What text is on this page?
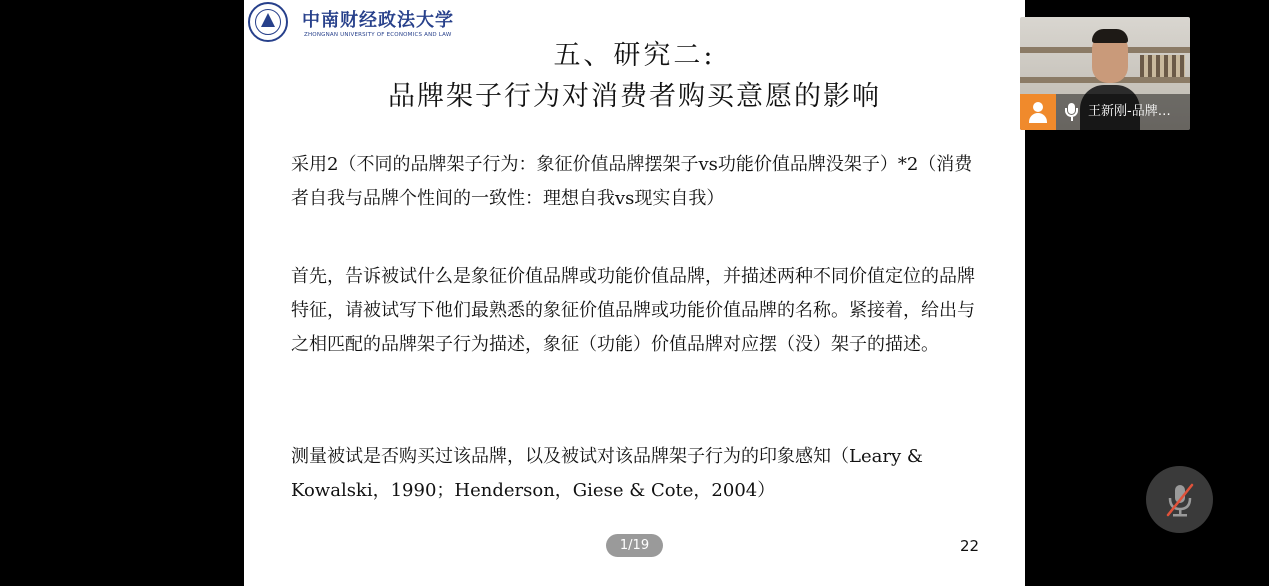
中南财经政法大学
ZHONGNAN UNIVERSITY OF ECONOMICS AND LAW
五、研究二:
品牌架子行为对消费者购买意愿的影响

采用2（不同的品牌架子行为：象征价值品牌摆架子vs功能价值品牌没架子）*2（消费者自我与品牌个性间的一致性：理想自我vs现实自我）

首先，告诉被试什么是象征价值品牌或功能价值品牌，并描述两种不同价值定位的品牌特征，请被试写下他们最熟悉的象征价值品牌或功能价值品牌的名称。紧接着，给出与之相匹配的品牌架子行为描述，象征（功能）价值品牌对应摆（没）架子的描述。

测量被试是否购买过该品牌，以及被试对该品牌架子行为的印象感知（Leary & Kowalski，1990；Henderson，Giese & Cote，2004）

1/19	22
王新刚-品牌…
